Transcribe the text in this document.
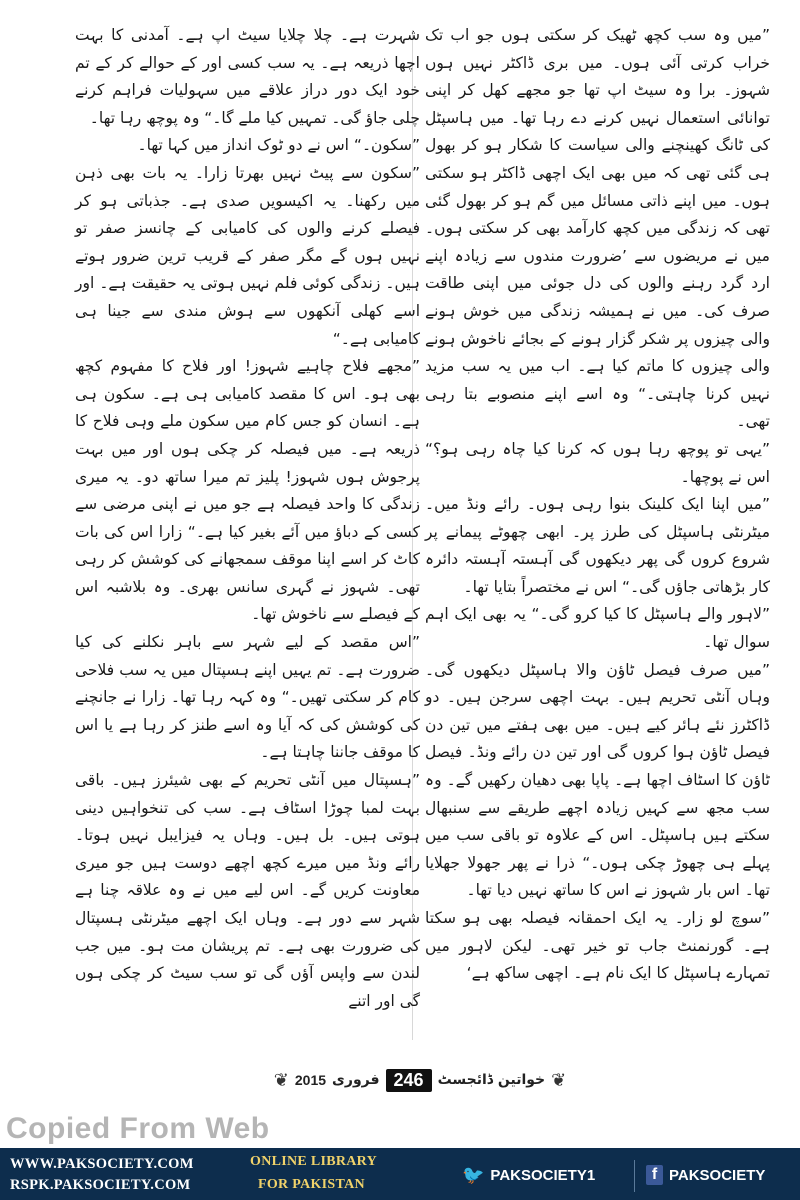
”میں وہ سب کچھ ٹھیک کر سکتی ہوں جو اب تک خراب کرتی آئی ہوں۔ میں بری ڈاکٹر نہیں ہوں شہوز۔ برا وہ سیٹ اپ تھا جو مجھے کھل کر اپنی توانائی استعمال نہیں کرنے دے رہا تھا۔ میں ہاسپٹل کی ٹانگ کھینچنے والی سیاست کا شکار ہو کر بھول ہی گئی تھی کہ میں بھی ایک اچھی ڈاکٹر ہو سکتی ہوں۔ میں اپنے ذاتی مسائل میں گم ہو کر بھول گئی تھی کہ زندگی میں کچھ کارآمد بھی کر سکتی ہوں۔ میں نے مریضوں سے ’ضرورت مندوں سے زیادہ اپنے ارد گرد رہنے والوں کی دل جوئی میں اپنی طاقت صرف کی۔ میں نے ہمیشہ زندگی میں خوش ہونے والی چیزوں پر شکر گزار ہونے کے بجائے ناخوش ہونے والی چیزوں کا ماتم کیا ہے۔ اب میں یہ سب مزید نہیں کرنا چاہتی۔“ وہ اسے اپنے منصوبے بتا رہی تھی۔

”یہی تو پوچھ رہا ہوں کہ کرنا کیا چاہ رہی ہو؟“ اس نے پوچھا۔

”میں اپنا ایک کلینک بنوا رہی ہوں۔ رائے ونڈ میں۔ میٹرنٹی ہاسپٹل کی طرز پر۔ ابھی چھوٹے پیمانے پر شروع کروں گی پھر دیکھوں گی آہستہ آہستہ دائرہ کار بڑھاتی جاؤں گی۔“ اس نے مختصراً بتایا تھا۔

”لاہور والے ہاسپٹل کا کیا کرو گی۔“ یہ بھی ایک اہم سوال تھا۔

”میں صرف فیصل ٹاؤن والا ہاسپٹل دیکھوں گی۔ وہاں آنٹی تحریم ہیں۔ بہت اچھی سرجن ہیں۔ دو ڈاکٹرز نئے ہائر کیے ہیں۔ میں بھی ہفتے میں تین دن فیصل ٹاؤن ہوا کروں گی اور تین دن رائے ونڈ۔ فیصل ٹاؤن کا اسٹاف اچھا ہے۔ پاپا بھی دھیان رکھیں گے۔ وہ سب مجھ سے کہیں زیادہ اچھے طریقے سے سنبھال سکتے ہیں ہاسپٹل۔ اس کے علاوہ تو باقی سب میں پہلے ہی چھوڑ چکی ہوں۔“ ذرا نے پھر جھولا جھلایا تھا۔ اس بار شہوز نے اس کا ساتھ نہیں دیا تھا۔

”سوچ لو زار۔ یہ ایک احمقانہ فیصلہ بھی ہو سکتا ہے۔ گورنمنٹ جاب تو خیر تھی۔ لیکن لاہور میں تمہارے ہاسپٹل کا ایک نام ہے۔ اچھی ساکھ ہے‘

شہرت ہے۔ چلا چلایا سیٹ اپ ہے۔ آمدنی کا بہت اچھا ذریعہ ہے۔ یہ سب کسی اور کے حوالے کر کے تم خود ایک دور دراز علاقے میں سہولیات فراہم کرنے چلی جاؤ گی۔ تمہیں کیا ملے گا۔“ وہ پوچھ رہا تھا۔

”سکون۔“ اس نے دو ٹوک انداز میں کہا تھا۔

”سکون سے پیٹ نہیں بھرتا زارا۔ یہ بات بھی ذہن میں رکھنا۔ یہ اکیسویں صدی ہے۔ جذباتی ہو کر فیصلے کرنے والوں کی کامیابی کے چانسز صفر تو نہیں ہوں گے مگر صفر کے قریب ترین ضرور ہوتے ہیں۔ زندگی کوئی فلم نہیں ہوتی یہ حقیقت ہے۔ اور اسے کھلی آنکھوں سے ہوش مندی سے جینا ہی کامیابی ہے۔“

”مجھے فلاح چاہیے شہوز! اور فلاح کا مفہوم کچھ بھی ہو۔ اس کا مقصد کامیابی ہی ہے۔ سکون ہی ہے۔ انسان کو جس کام میں سکون ملے وہی فلاح کا ذریعہ ہے۔ میں فیصلہ کر چکی ہوں اور میں بہت پرجوش ہوں شہوز! پلیز تم میرا ساتھ دو۔ یہ میری زندگی کا واحد فیصلہ ہے جو میں نے اپنی مرضی سے کسی کے دباؤ میں آئے بغیر کیا ہے۔“ زارا اس کی بات کاٹ کر اسے اپنا موقف سمجھانے کی کوشش کر رہی تھی۔ شہوز نے گہری سانس بھری۔ وہ بلاشبہ اس کے فیصلے سے ناخوش تھا۔

”اس مقصد کے لیے شہر سے باہر نکلنے کی کیا ضرورت ہے۔ تم یہیں اپنے ہسپتال میں یہ سب فلاحی کام کر سکتی تھیں۔“ وہ کہہ رہا تھا۔ زارا نے جانچنے کی کوشش کی کہ آیا وہ اسے طنز کر رہا ہے یا اس کا موقف جاننا چاہتا ہے۔

”ہسپتال میں آنٹی تحریم کے بھی شیئرز ہیں۔ باقی بہت لمبا چوڑا اسٹاف ہے۔ سب کی تنخواہیں دینی ہوتی ہیں۔ بل ہیں۔ وہاں یہ فیزایبل نہیں ہوتا۔ رائے ونڈ میں میرے کچھ اچھے دوست ہیں جو میری معاونت کریں گے۔ اس لیے میں نے وہ علاقہ چنا ہے شہر سے دور ہے۔ وہاں ایک اچھے میٹرنٹی ہسپتال کی ضرورت بھی ہے۔ تم پریشان مت ہو۔ میں جب لندن سے واپس آؤں گی تو سب سیٹ کر چکی ہوں گی اور اتنے

❦
خواتین ڈائجسٹ
246
فروری
2015
❦
Copied From Web
WWW.PAKSOCIETY.COM
RSPK.PAKSOCIETY.COM
ONLINE LIBRARY
FOR PAKISTAN	🐦 PAKSOCIETY1	f PAKSOCIETY
